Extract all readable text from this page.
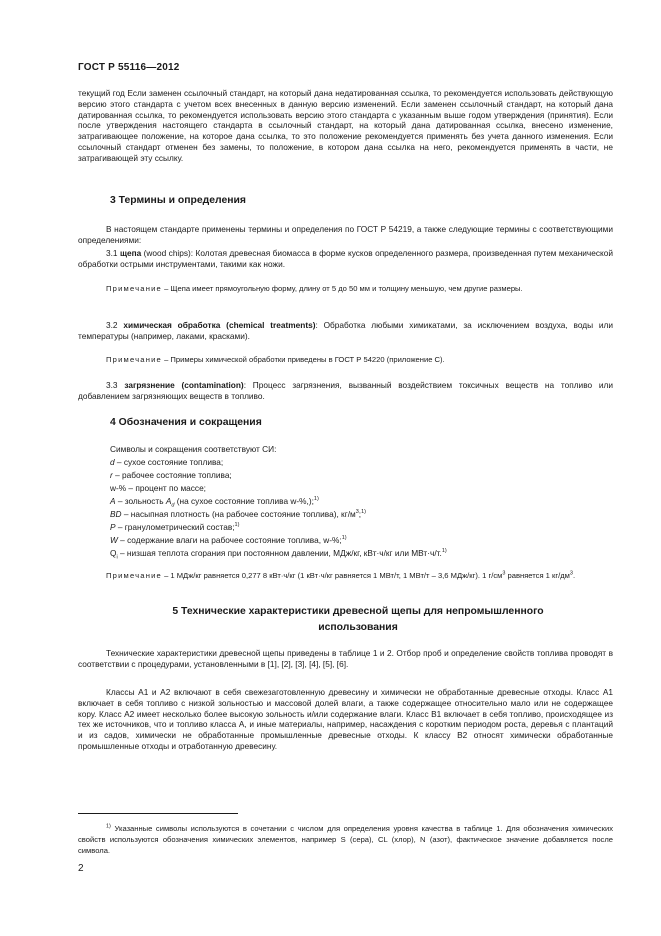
ГОСТ Р 55116—2012
текущий год Если заменен ссылочный стандарт, на который дана недатированная ссылка, то рекомендуется использовать действующую версию этого стандарта с учетом всех внесенных в данную версию изменений. Если заменен ссылочный стандарт, на который дана датированная ссылка, то рекомендуется использовать версию этого стандарта с указанным выше годом утверждения (принятия). Если после утверждения настоящего стандарта в ссылочный стандарт, на который дана датированная ссылка, внесено изменение, затрагивающее положение, на которое дана ссылка, то это положение рекомендуется применять без учета данного изменения. Если ссылочный стандарт отменен без замены, то положение, в котором дана ссылка на него, рекомендуется применять в части, не затрагивающей эту ссылку.
3 Термины и определения
В настоящем стандарте применены термины и определения по ГОСТ Р 54219, а также следующие термины с соответствующими определениями:
3.1 щепа (wood chips): Колотая древесная биомасса в форме кусков определенного размера, произведенная путем механической обработки острыми инструментами, такими как ножи.
Примечание – Щепа имеет прямоугольную форму, длину от 5 до 50 мм и толщину меньшую, чем другие размеры.
3.2 химическая обработка (chemical treatments): Обработка любыми химикатами, за исключением воздуха, воды или температуры (например, лаками, красками).
Примечание – Примеры химической обработки приведены в ГОСТ Р 54220 (приложение С).
3.3 загрязнение (contamination): Процесс загрязнения, вызванный воздействием токсичных веществ на топливо или добавлением загрязняющих веществ в топливо.
4 Обозначения и сокращения
Символы и сокращения соответствуют СИ:
d – сухое состояние топлива;
r – рабочее состояние топлива;
w-% – процент по массе;
A – зольность $A_d$ (на сухое состояние топлива w-%,);$^{1)}$
BD – насыпная плотность (на рабочее состояние топлива), $кг/м^3;^{1)}$
P – гранулометрический состав;$^{1)}$
W – содержание влаги на рабочее состояние топлива, w-%;$^{1)}$
$Q_i$ – низшая теплота сгорания при постоянном давлении, МДж/кг, кВт·ч/кг или МВт·ч/т.$^{1)}$
Примечание – 1 МДж/кг равняется 0,277 8 кВт·ч/кг (1 кВт·ч/кг равняется 1 МВт/т, 1 МВт/т – 3,6 МДж/кг). 1 $г/см^3$ равняется 1 $кг/дм^3$.
5 Технические характеристики древесной щепы для непромышленного
использования
Технические характеристики древесной щепы приведены в таблице 1 и 2. Отбор проб и определение свойств топлива проводят в соответствии с процедурами, установленными в [1], [2], [3], [4], [5], [6].
Классы А1 и А2 включают в себя свежезаготовленную древесину и химически не обработанные древесные отходы. Класс А1 включает в себя топливо с низкой зольностью и массовой долей влаги, а также содержащее относительно мало или не содержащее кору. Класс А2 имеет несколько более высокую зольность и/или содержание влаги. Класс В1 включает в себя топливо, происходящее из тех же источников, что и топливо класса А, и иные материалы, например, насаждения с коротким периодом роста, деревья с плантаций и из садов, химически не обработанные промышленные древесные отходы. К классу В2 относят химически обработанные промышленные отходы и отработанную древесину.
$^{1)}$ Указанные символы используются в сочетании с числом для определения уровня качества в таблице 1. Для обозначения химических свойств используются обозначения химических элементов, например S (сера), CL (хлор), N (азот), фактическое значение добавляется после символа.
2
